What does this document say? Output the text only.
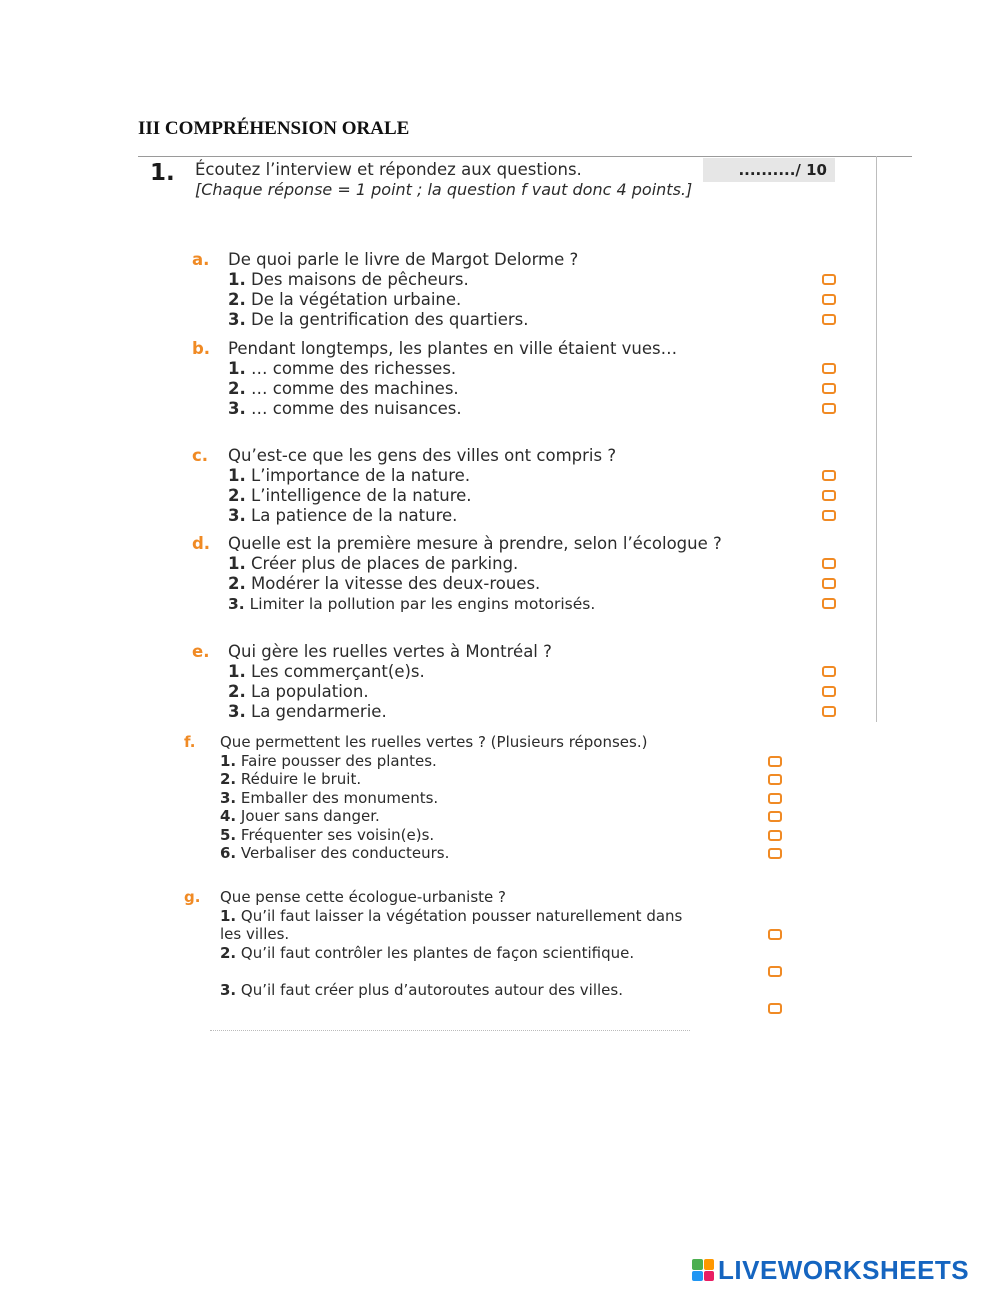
III COMPRÉHENSION ORALE
1. Écoutez l’interview et répondez aux questions.
[Chaque réponse = 1 point ; la question f vaut donc 4 points.]
........../ 10
a. De quoi parle le livre de Margot Delorme ?
1. Des maisons de pêcheurs.
2. De la végétation urbaine.
3. De la gentrification des quartiers.
b. Pendant longtemps, les plantes en ville étaient vues…
1. … comme des richesses.
2. … comme des machines.
3. … comme des nuisances.
c. Qu’est-ce que les gens des villes ont compris ?
1. L’importance de la nature.
2. L’intelligence de la nature.
3. La patience de la nature.
d. Quelle est la première mesure à prendre, selon l’écologue ?
1. Créer plus de places de parking.
2. Modérer la vitesse des deux-roues.
3. Limiter la pollution par les engins motorisés.
e. Qui gère les ruelles vertes à Montréal ?
1. Les commerçant(e)s.
2. La population.
3. La gendarmerie.
f. Que permettent les ruelles vertes ? (Plusieurs réponses.)
1. Faire pousser des plantes.
2. Réduire le bruit.
3. Emballer des monuments.
4. Jouer sans danger.
5. Fréquenter ses voisin(e)s.
6. Verbaliser des conducteurs.
g. Que pense cette écologue-urbaniste ?
1. Qu’il faut laisser la végétation pousser naturellement dans les villes.
2. Qu’il faut contrôler les plantes de façon scientifique.
3. Qu’il faut créer plus d’autoroutes autour des villes.
LIVEWORKSHEETS
